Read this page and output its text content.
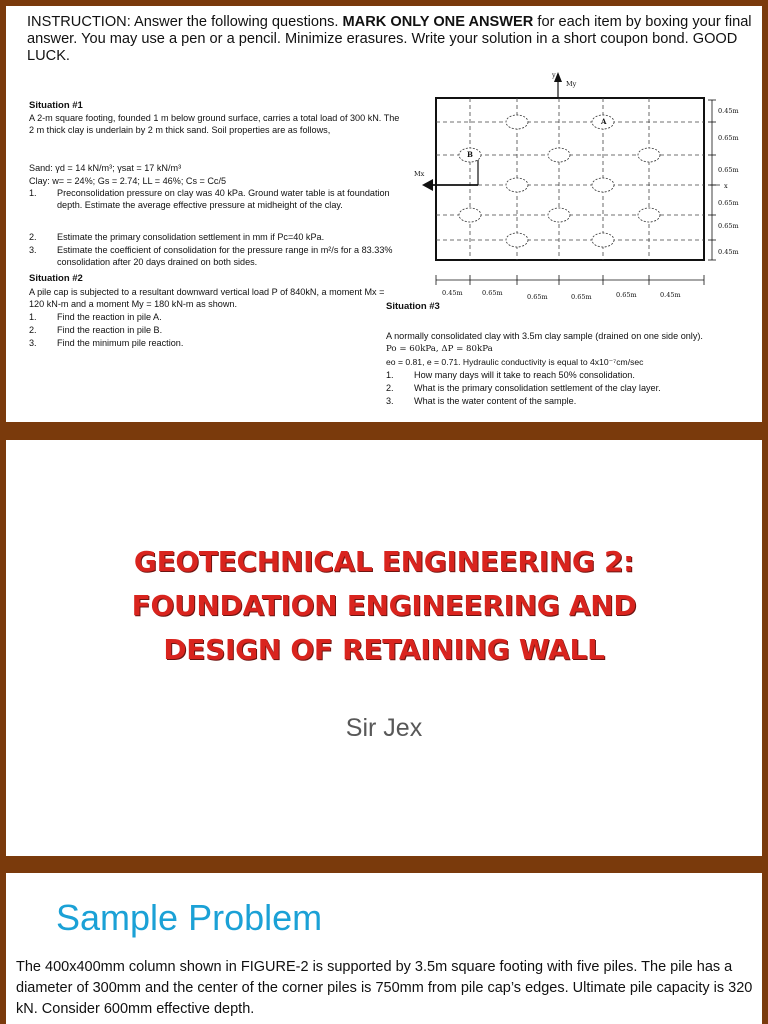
INSTRUCTION: Answer the following questions. MARK ONLY ONE ANSWER for each item by boxing your final answer. You may use a pen or a pencil. Minimize erasures. Write your solution in a short coupon bond. GOOD LUCK.
Situation #1
A 2-m square footing, founded 1 m below ground surface, carries a total load of 300 kN. The 2 m thick clay is underlain by 2 m thick sand. Soil properties are as follows,
Sand: γd = 14 kN/m³; γsat = 17 kN/m³
Clay: w= = 24%; Gs = 2.74; LL = 46%; Cs = Cc/5
1. Preconsolidation pressure on clay was 40 kPa. Ground water table is at foundation depth. Estimate the average effective pressure at midheight of the clay.
2. Estimate the primary consolidation settlement in mm if Pc=40 kPa.
3. Estimate the coefficient of consolidation for the pressure range in m²/s for a 83.33% consolidation after 20 days drained on both sides.
Situation #2
A pile cap is subjected to a resultant downward vertical load P of 840kN, a moment Mx = 120 kN-m and a moment My = 180 kN-m as shown.
1. Find the reaction in pile A.
2. Find the reaction in pile B.
3. Find the minimum pile reaction.
Situation #3
A normally consolidated clay with 3.5m clay sample (drained on one side only).
Po = 60kPa, ΔP = 80kPa
eo = 0.81, e = 0.71. Hydraulic conductivity is equal to 4x10⁻⁷cm/sec
1. How many days will it take to reach 50% consolidation.
2. What is the primary consolidation settlement of the clay layer.
3. What is the water content of the sample.
y
My
A
B
Mx
x
0.45m
0.65m
0.65m
0.65m
0.65m
0.45m
0.45m	0.65m	0.65m	0.65m	0.65m	0.45m
GEOTECHNICAL ENGINEERING 2:
FOUNDATION ENGINEERING AND
DESIGN OF RETAINING WALL
Sir Jex
Sample Problem
The 400x400mm column shown in FIGURE-2 is supported by 3.5m square footing with five piles. The pile has a diameter of 300mm and the center of the corner piles is 750mm from pile cap’s edges. Ultimate pile capacity is 320 kN. Consider 600mm effective depth.
